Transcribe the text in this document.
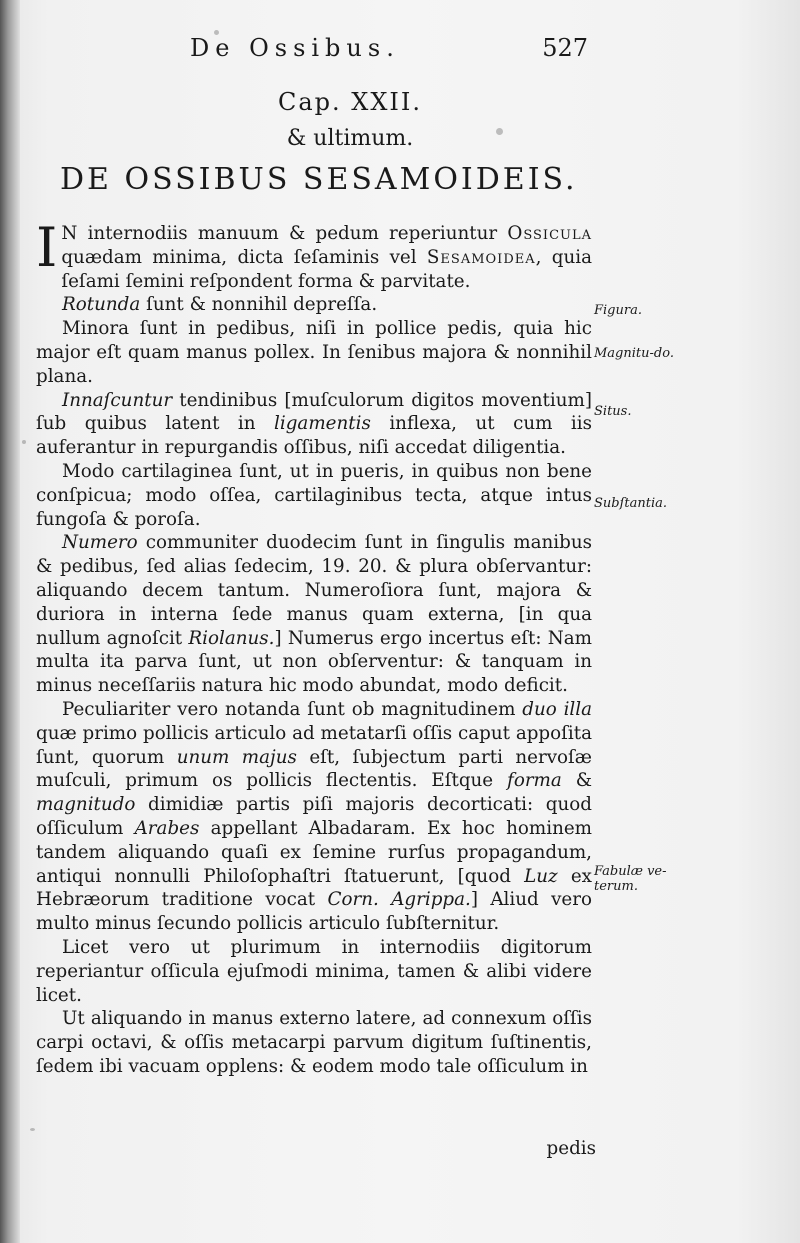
De Ossibus.	527
Cap. XXII.
& ultimum.
DE OSSIBUS SESAMOIDEIS.

I N internodiis manuum & pedum reperiuntur Ossicula quædam minima, dicta ſeſaminis vel Sesamoidea, quia ſeſami ſemini reſpondent forma & parvitate.

Rotunda ſunt & nonnihil depreſſa.

Minora ſunt in pedibus, niſi in pollice pedis, quia hic major eſt quam manus pollex. In ſenibus majora & nonnihil plana.

Innaſcuntur tendinibus [muſculorum digitos moventium] ſub quibus latent in ligamentis inflexa, ut cum iis auferantur in repurgandis oſſibus, niſi accedat diligentia.

Modo cartilaginea ſunt, ut in pueris, in quibus non bene conſpicua; modo oſſea, cartilaginibus tecta, atque intus fungoſa & poroſa.

Numero communiter duodecim ſunt in ſingulis manibus & pedibus, ſed alias ſedecim, 19. 20. & plura obſervantur: aliquando decem tantum. Numeroſiora ſunt, majora & duriora in interna ſede manus quam externa, [in qua nullum agnoſcit Riolanus.] Numerus ergo incertus eſt: Nam multa ita parva ſunt, ut non obſerventur: & tanquam in minus neceſſariis natura hic modo abundat, modo deficit.

Peculiariter vero notanda ſunt ob magnitudinem duo illa quæ primo pollicis articulo ad metatarſi oſſis caput appoſita ſunt, quorum unum majus eſt, ſubjectum parti nervoſæ muſculi, primum os pollicis flectentis. Eſtque forma & magnitudo dimidiæ partis piſi majoris decorticati: quod oſſiculum Arabes appellant Albadaram. Ex hoc hominem tandem aliquando quaſi ex ſemine rurſus propagandum, antiqui nonnulli Philoſophaſtri ſtatuerunt, [quod Luz ex Hebræorum traditione vocat Corn. Agrippa.] Aliud vero multo minus ſecundo pollicis articulo ſubſternitur.

Licet vero ut plurimum in internodiis digitorum reperiantur oſſicula ejuſmodi minima, tamen & alibi videre licet.

Ut aliquando in manus externo latere, ad connexum oſſis carpi octavi, & oſſis metacarpi parvum digitum ſuſtinentis, ſedem ibi vacuam opplens: & eodem modo tale oſſiculum in

pedis
Figura.
Magnitu-do.
Situs.
Subſtantia.
Fabulæ ve-terum.
